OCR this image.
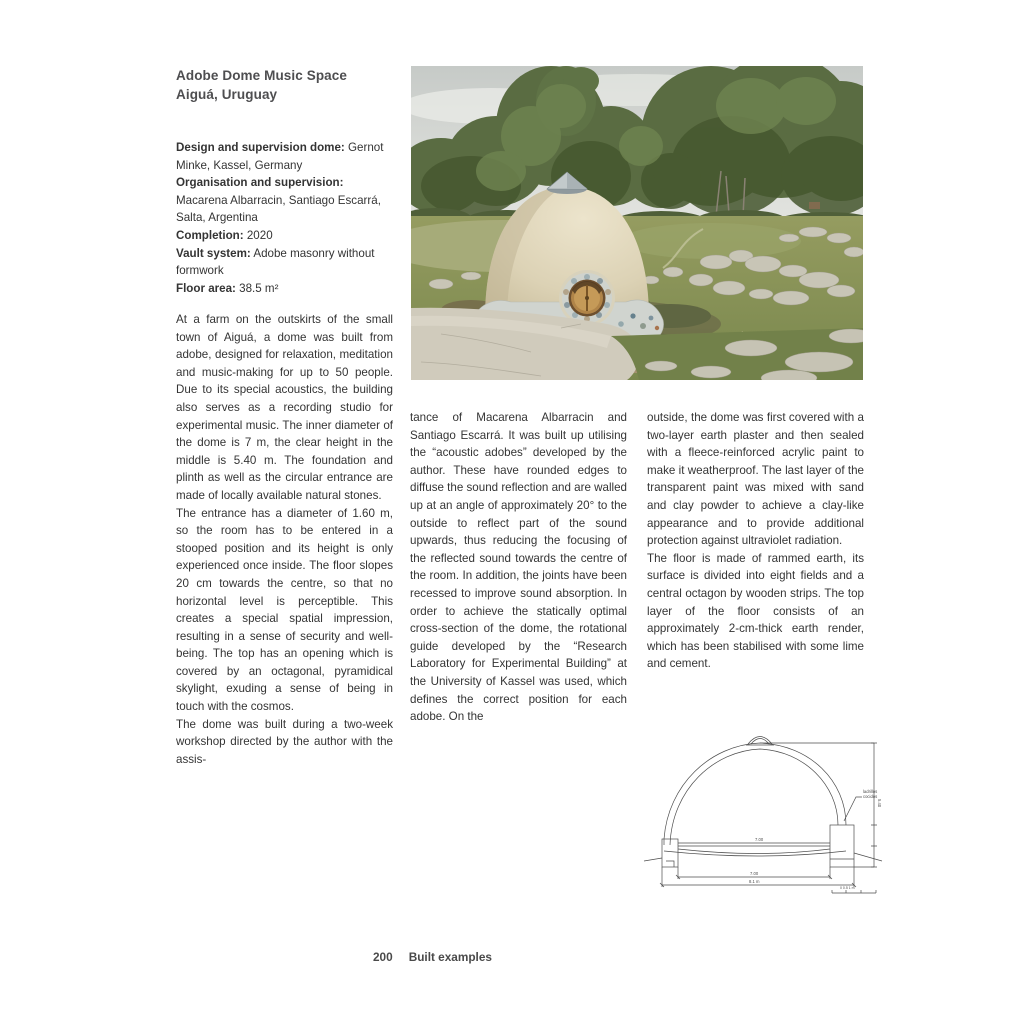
Adobe Dome Music Space
Aiguá, Uruguay

Design and supervision dome: Gernot Minke, Kassel, Germany

Organisation and supervision: Macarena Albarracin, Santiago Escarrá, Salta, Argentina

Completion: 2020

Vault system: Adobe masonry without formwork

Floor area: 38.5 m²

At a farm on the outskirts of the small town of Aiguá, a dome was built from adobe, designed for relaxation, meditation and music-making for up to 50 people. Due to its special acoustics, the building also serves as a recording studio for experimental music. The inner diameter of the dome is 7 m, the clear height in the middle is 5.40 m. The foundation and plinth as well as the circular entrance are made of locally available natural stones.

The entrance has a diameter of 1.60 m, so the room has to be entered in a stooped position and its height is only experienced once inside. The floor slopes 20 cm towards the centre, so that no horizontal level is perceptible. This creates a special spatial impression, resulting in a sense of security and well-being. The top has an opening which is covered by an octagonal, pyramidical skylight, exuding a sense of being in touch with the cosmos.

The dome was built during a two-week workshop directed by the author with the assis-

tance of Macarena Albarracin and Santiago Escarrá. It was built up utilising the “acoustic adobes” developed by the author. These have rounded edges to diffuse the sound reflection and are walled up at an angle of approximately 20° to the outside to reflect part of the sound upwards, thus reducing the focusing of the reflected sound towards the centre of the room. In addition, the joints have been recessed to improve sound absorption. In order to achieve the statically optimal cross-section of the dome, the rotational guide developed by the “Research Laboratory for Experimental Building” at the University of Kassel was used, which defines the correct position for each adobe. On the

outside, the dome was first covered with a two-layer earth plaster and then sealed with a fleece-reinforced acrylic paint to make it weatherproof. The last layer of the transparent paint was mixed with sand and clay powder to achieve a clay-like appearance and to provide additional protection against ultraviolet radiation.

The floor is made of rammed earth, its surface is divided into eight fields and a central octagon by wooden strips. The top layer of the floor consists of an approximately 2-cm-thick earth render, which has been stabilised with some lime and cement.

ladrillos
cocidos
7.00
7.00
8.1 m
5.40
0 0.5 1 m
200 Built examples
